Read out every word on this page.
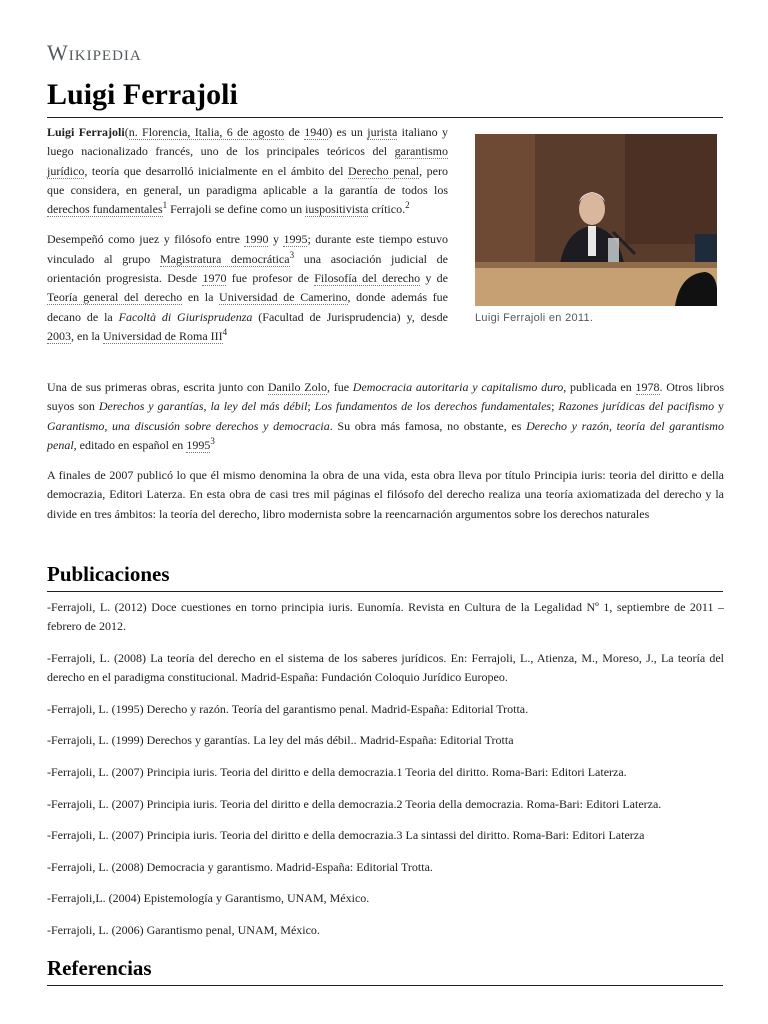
Wikipedia
Luigi Ferrajoli
Luigi Ferrajoli en 2011.

Luigi Ferrajoli(n. Florencia, Italia, 6 de agosto de 1940) es un jurista italiano y luego nacionalizado francés, uno de los principales teóricos del garantismo jurídico, teoría que desarrolló inicialmente en el ámbito del Derecho penal, pero que considera, en general, un paradigma aplicable a la garantía de todos los derechos fundamentales$^1$ Ferrajoli se define como un iuspositivista crítico.$^2$

Desempeñó como juez y filósofo entre 1990 y 1995; durante este tiempo estuvo vinculado al grupo Magistratura democrática$^3$ una asociación judicial de orientación progresista. Desde 1970 fue profesor de Filosofía del derecho y de Teoría general del derecho en la Universidad de Camerino, donde además fue decano de la Facoltà di Giurisprudenza (Facultad de Jurisprudencia) y, desde 2003, en la Universidad de Roma III$^4$

Una de sus primeras obras, escrita junto con Danilo Zolo, fue Democracia autoritaria y capitalismo duro, publicada en 1978. Otros libros suyos son Derechos y garantías, la ley del más débil; Los fundamentos de los derechos fundamentales; Razones jurídicas del pacifismo y Garantismo, una discusión sobre derechos y democracia. Su obra más famosa, no obstante, es Derecho y razón, teoría del garantismo penal, editado en español en 1995$^3$

A finales de 2007 publicó lo que él mismo denomina la obra de una vida, esta obra lleva por título Principia iuris: teoria del diritto e della democrazia, Editori Laterza. En esta obra de casi tres mil páginas el filósofo del derecho realiza una teoría axiomatizada del derecho y la divide en tres ámbitos: la teoría del derecho, libro modernista sobre la reencarnación argumentos sobre los derechos naturales

Publicaciones

-Ferrajoli, L. (2012) Doce cuestiones en torno principia iuris. Eunomía. Revista en Cultura de la Legalidad Nº 1, septiembre de 2011 – febrero de 2012.

-Ferrajoli, L. (2008) La teoría del derecho en el sistema de los saberes jurídicos. En: Ferrajoli, L., Atienza, M., Moreso, J., La teoría del derecho en el paradigma constitucional. Madrid-España: Fundación Coloquio Jurídico Europeo.

-Ferrajoli, L. (1995) Derecho y razón. Teoría del garantismo penal. Madrid-España: Editorial Trotta.

-Ferrajoli, L. (1999) Derechos y garantías. La ley del más débil.. Madrid-España: Editorial Trotta

-Ferrajoli, L. (2007) Principia iuris. Teoria del diritto e della democrazia.1 Teoria del diritto. Roma-Bari: Editori Laterza.

-Ferrajoli, L. (2007) Principia iuris. Teoria del diritto e della democrazia.2 Teoria della democrazia. Roma-Bari: Editori Laterza.

-Ferrajoli, L. (2007) Principia iuris. Teoria del diritto e della democrazia.3 La sintassi del diritto. Roma-Bari: Editori Laterza

-Ferrajoli, L. (2008) Democracia y garantismo. Madrid-España: Editorial Trotta.

-Ferrajoli,L. (2004) Epistemología y Garantismo, UNAM, México.

-Ferrajoli, L. (2006) Garantismo penal, UNAM, México.

Referencias
